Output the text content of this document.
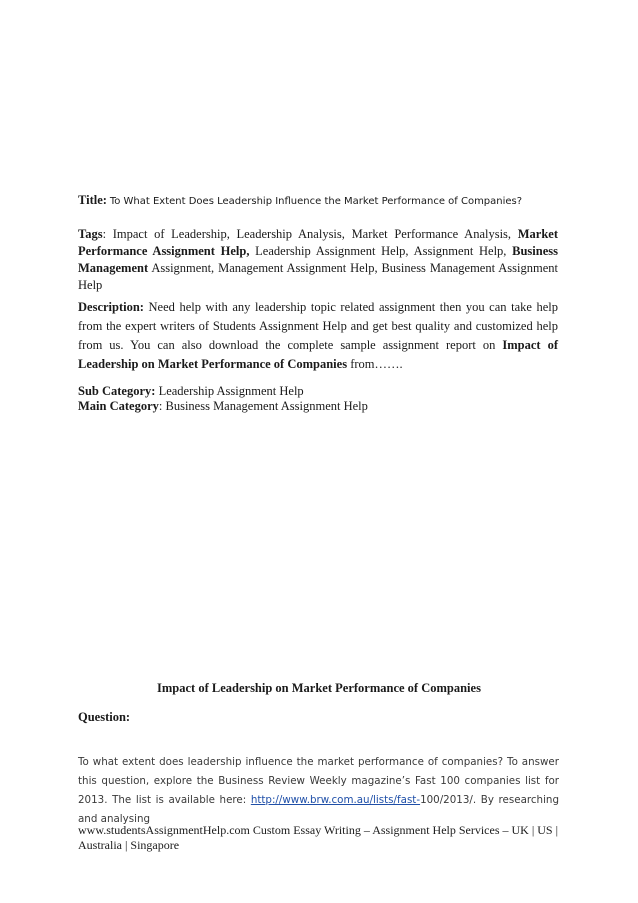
Title: To What Extent Does Leadership Influence the Market Performance of Companies?
Tags: Impact of Leadership, Leadership Analysis, Market Performance Analysis, Market Performance Assignment Help, Leadership Assignment Help, Assignment Help, Business Management Assignment, Management Assignment Help, Business Management Assignment Help
Description: Need help with any leadership topic related assignment then you can take help from the expert writers of Students Assignment Help and get best quality and customized help from us. You can also download the complete sample assignment report on Impact of Leadership on Market Performance of Companies from…….
Sub Category: Leadership Assignment Help
Main Category: Business Management Assignment Help
Impact of Leadership on Market Performance of Companies
Question:
To what extent does leadership influence the market performance of companies? To answer this question, explore the Business Review Weekly magazine’s Fast 100 companies list for 2013. The list is available here: http://www.brw.com.au/lists/fast-100/2013/. By researching and analysing
www.studentsAssignmentHelp.com Custom Essay Writing – Assignment Help Services – UK | US | Australia | Singapore
